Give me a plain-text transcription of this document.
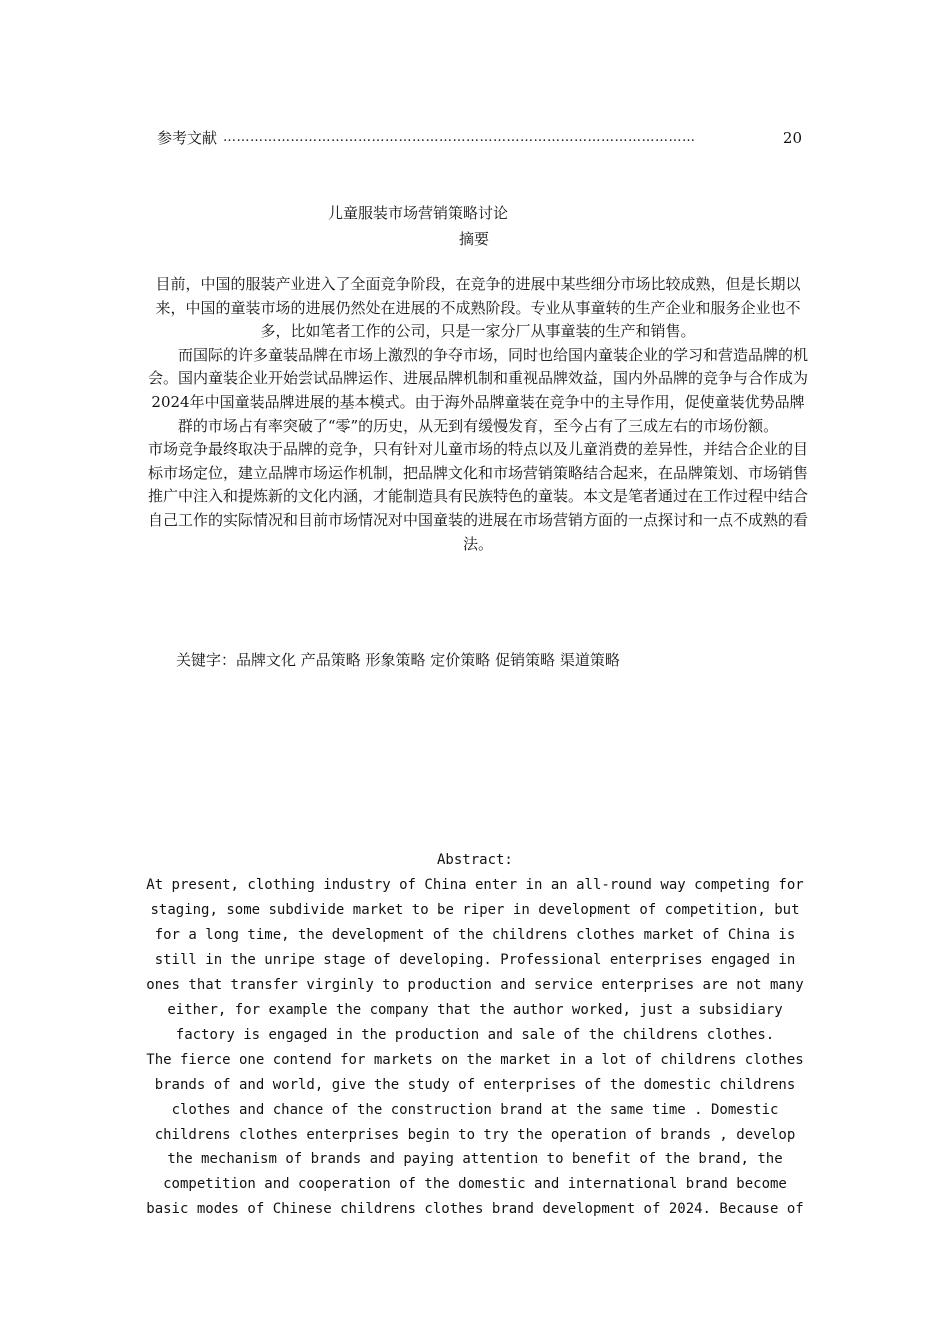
参考文献 ……………………………………………………………………………………………	20
儿童服装市场营销策略讨论
摘要

目前，中国的服装产业进入了全面竞争阶段，在竞争的进展中某些细分市场比较成熟，但是长期以来，中国的童装市场的进展仍然处在进展的不成熟阶段。专业从事童转的生产企业和服务企业也不多，比如笔者工作的公司，只是一家分厂从事童装的生产和销售。

而国际的许多童装品牌在市场上激烈的争夺市场，同时也给国内童装企业的学习和营造品牌的机会。国内童装企业开始尝试品牌运作、进展品牌机制和重视品牌效益，国内外品牌的竞争与合作成为2024年中国童装品牌进展的基本模式。由于海外品牌童装在竞争中的主导作用，促使童装优势品牌群的市场占有率突破了“零”的历史，从无到有缓慢发育，至今占有了三成左右的市场份额。

市场竞争最终取决于品牌的竞争，只有针对儿童市场的特点以及儿童消费的差异性，并结合企业的目标市场定位，建立品牌市场运作机制，把品牌文化和市场营销策略结合起来，在品牌策划、市场销售推广中注入和提炼新的文化内涵，才能制造具有民族特色的童装。本文是笔者通过在工作过程中结合自己工作的实际情况和目前市场情况对中国童装的进展在市场营销方面的一点探讨和一点不成熟的看法。

关键字：品牌文化 产品策略 形象策略 定价策略 促销策略 渠道策略
Abstract:

At present, clothing industry of China enter in an all-round way competing for staging, some subdivide market to be riper in development of competition, but for a long time, the development of the childrens clothes market of China is still in the unripe stage of developing. Professional enterprises engaged in ones that transfer virginly to production and service enterprises are not many either, for example the company that the author worked, just a subsidiary factory is engaged in the production and sale of the childrens clothes.

The fierce one contend for markets on the market in a lot of childrens clothes brands of and world, give the study of enterprises of the domestic childrens clothes and chance of the construction brand at the same time . Domestic childrens clothes enterprises begin to try the operation of brands , develop the mechanism of brands and paying attention to benefit of the brand, the competition and cooperation of the domestic and international brand become basic modes of Chinese childrens clothes brand development of 2024. Because of
